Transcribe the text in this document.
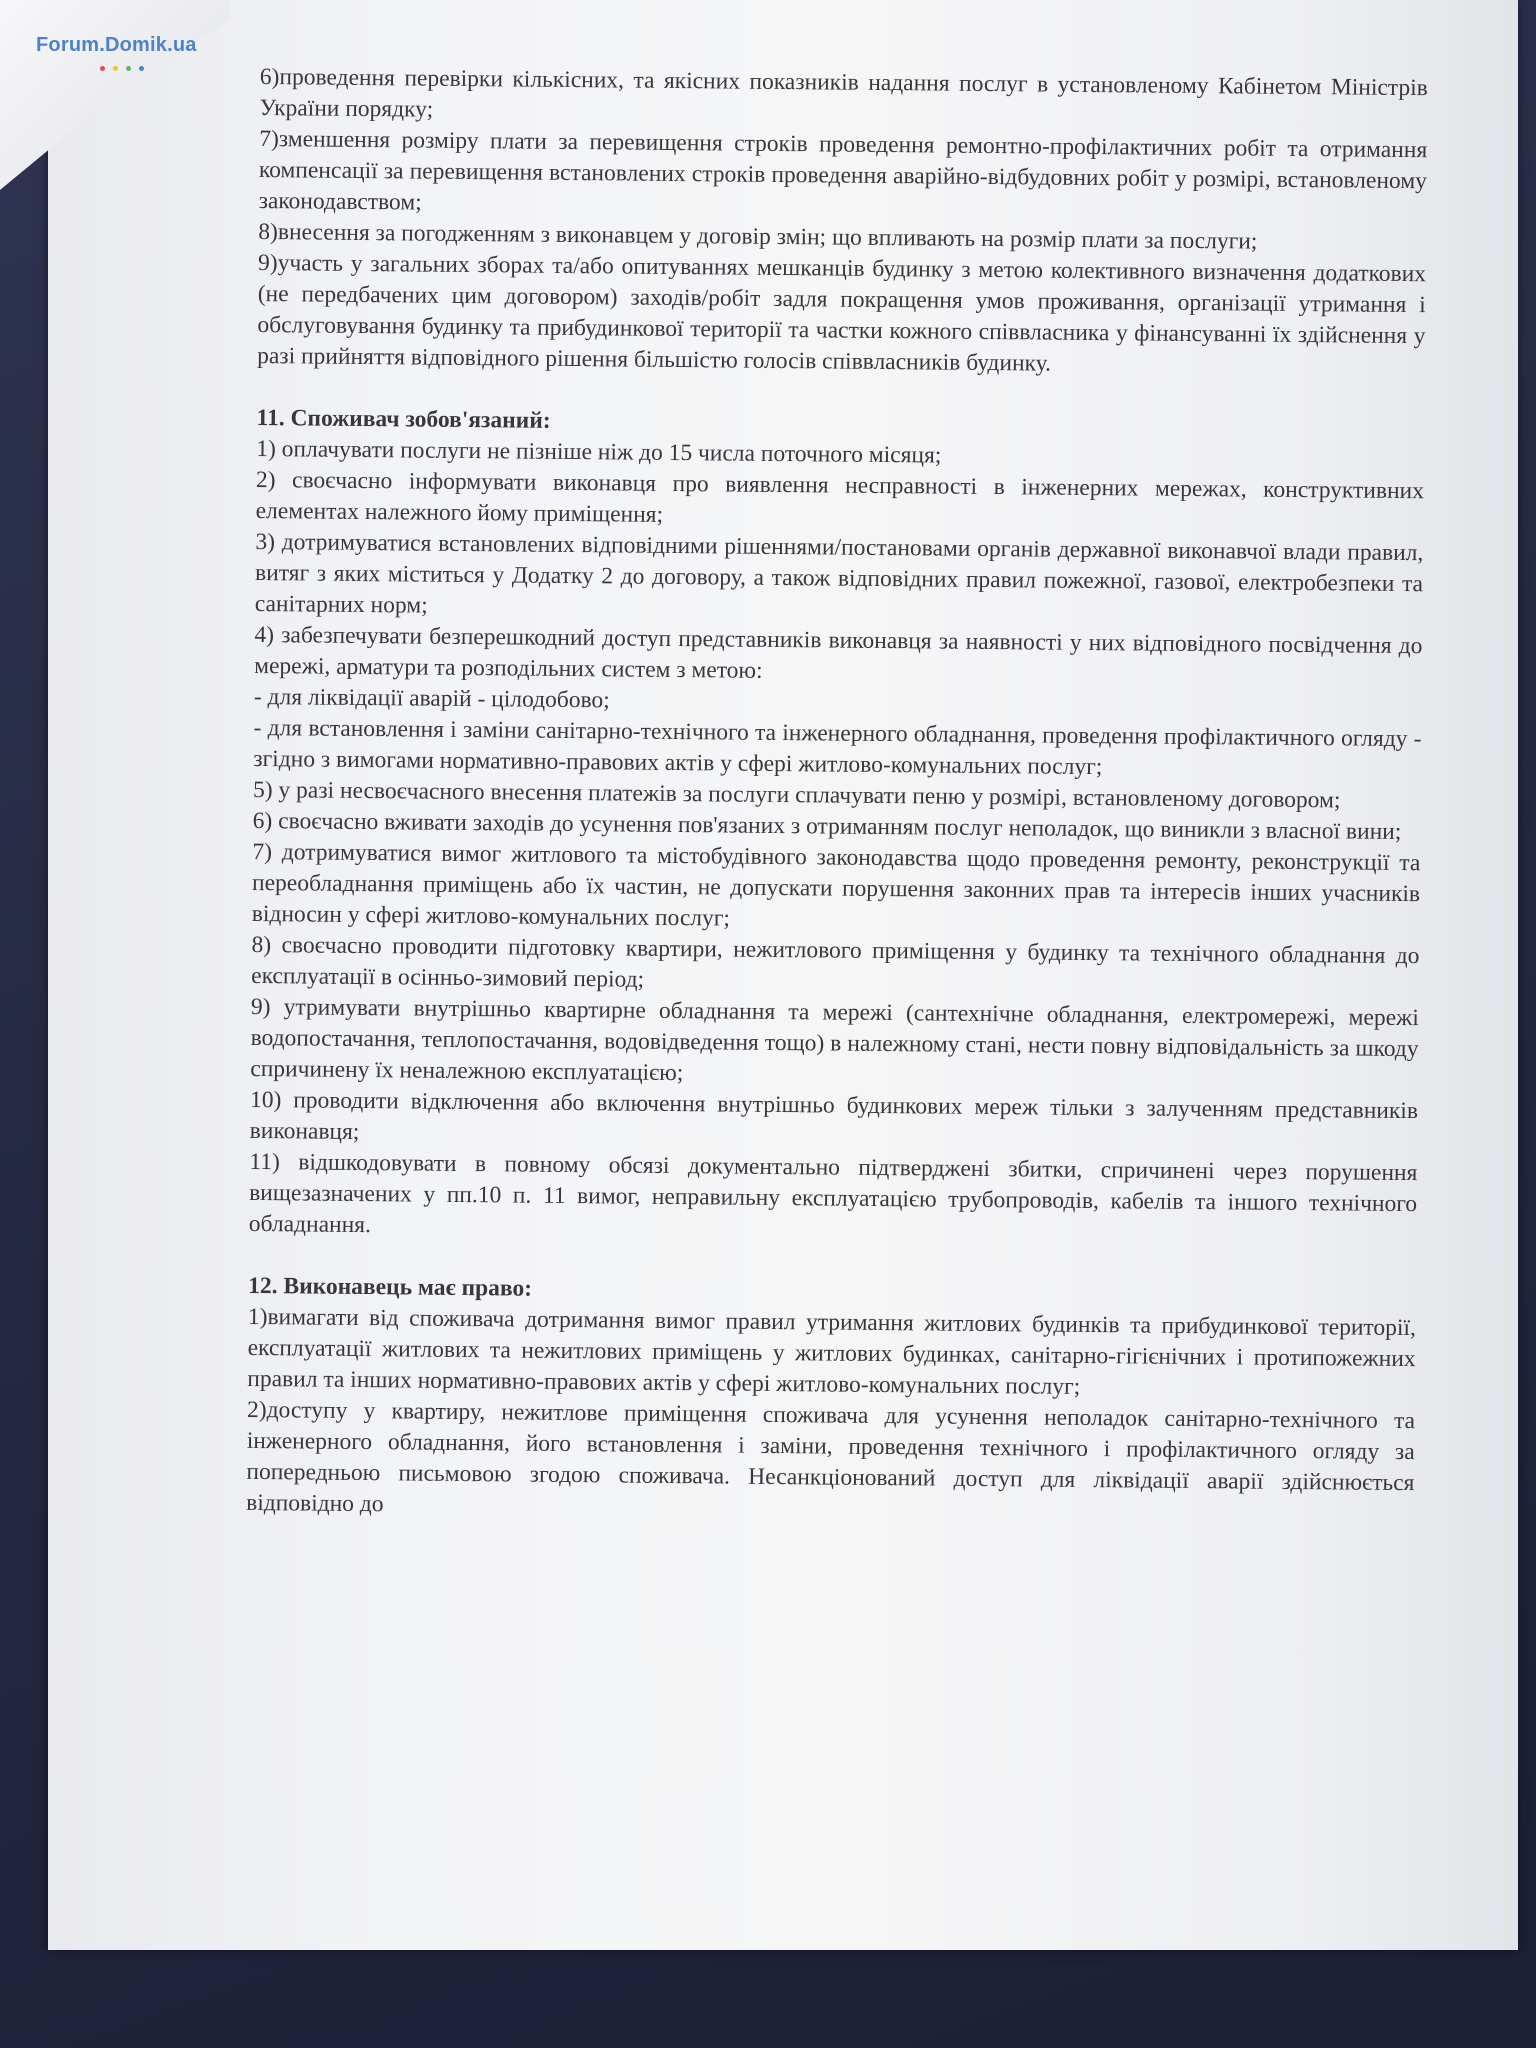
6)проведення перевірки кількісних, та якісних показників надання послуг в установленому Кабінетом Міністрів України порядку;

7)зменшення розміру плати за перевищення строків проведення ремонтно-профілактичних робіт та отримання компенсації за перевищення встановлених строків проведення аварійно-відбудовних робіт у розмірі, встановленому законодавством;

8)внесення за погодженням з виконавцем у договір змін; що впливають на розмір плати за послуги;

9)участь у загальних зборах та/або опитуваннях мешканців будинку з метою колективного визначення додаткових (не передбачених цим договором) заходів/робіт задля покращення умов проживання, організації утримання і обслуговування будинку та прибудинкової території та частки кожного співвласника у фінансуванні їх здійснення у разі прийняття відповідного рішення більшістю голосів співвласників будинку.

11. Споживач зобов'язаний:

1) оплачувати послуги не пізніше ніж до 15 числа поточного місяця;

2) своєчасно інформувати виконавця про виявлення несправності в інженерних мережах, конструктивних елементах належного йому приміщення;

3) дотримуватися встановлених відповідними рішеннями/постановами органів державної виконавчої влади правил, витяг з яких міститься у Додатку 2 до договору, а також відповідних правил пожежної, газової, електробезпеки та санітарних норм;

4) забезпечувати безперешкодний доступ представників виконавця за наявності у них відповідного посвідчення до мережі, арматури та розподільних систем з метою:

- для ліквідації аварій - цілодобово;

- для встановлення і заміни санітарно-технічного та інженерного обладнання, проведення профілактичного огляду - згідно з вимогами нормативно-правових актів у сфері житлово-комунальних послуг;

5) у разі несвоєчасного внесення платежів за послуги сплачувати пеню у розмірі, встановленому договором;

6) своєчасно вживати заходів до усунення пов'язаних з отриманням послуг неполадок, що виникли з власної вини;

7) дотримуватися вимог житлового та містобудівного законодавства щодо проведення ремонту, реконструкції та переобладнання приміщень або їх частин, не допускати порушення законних прав та інтересів інших учасників відносин у сфері житлово-комунальних послуг;

8) своєчасно проводити підготовку квартири, нежитлового приміщення у будинку та технічного обладнання до експлуатації в осінньо-зимовий період;

9) утримувати внутрішньо квартирне обладнання та мережі (сантехнічне обладнання, електромережі, мережі водопостачання, теплопостачання, водовідведення тощо) в належному стані, нести повну відповідальність за шкоду спричинену їх неналежною експлуатацією;

10) проводити відключення або включення внутрішньо будинкових мереж тільки з залученням представників виконавця;

11) відшкодовувати в повному обсязі документально підтверджені збитки, спричинені через порушення вищезазначених у пп.10 п. 11 вимог, неправильну експлуатацією трубопроводів, кабелів та іншого технічного обладнання.

12. Виконавець має право:

1)вимагати від споживача дотримання вимог правил утримання житлових будинків та прибудинкової території, експлуатації житлових та нежитлових приміщень у житлових будинках, санітарно-гігієнічних і протипожежних правил та інших нормативно-правових актів у сфері житлово-комунальних послуг;

2)доступу у квартиру, нежитлове приміщення споживача для усунення неполадок санітарно-технічного та інженерного обладнання, його встановлення і заміни, проведення технічного і профілактичного огляду за попередньою письмовою згодою споживача. Несанкціонований доступ для ліквідації аварії здійснюється відповідно до

Forum.Domik.ua
